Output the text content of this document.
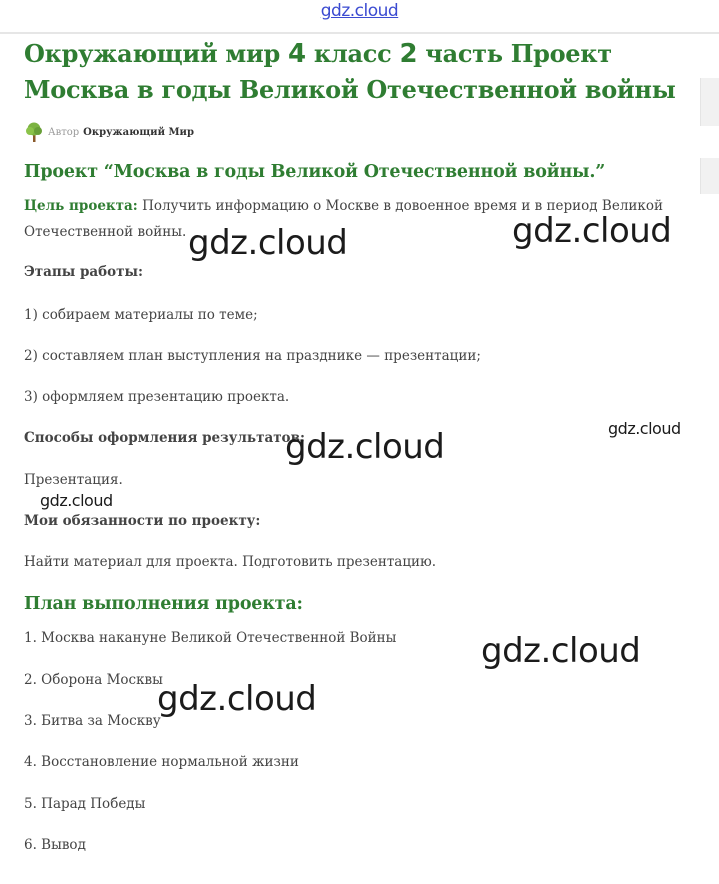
gdz.cloud
Окружающий мир 4 класс 2 часть Проект Москва в годы Великой Отечественной войны
Автор Окружающий Мир
Проект “Москва в годы Великой Отечественной войны.”

Цель проекта: Получить информацию о Москве в довоенное время и в период Великой Отечественной войны.

Этапы работы:

1) собираем материалы по теме;

2) составляем план выступления на празднике — презентации;

3) оформляем презентацию проекта.

Способы оформления результатов:

Презентация.

Мои обязанности по проекту:

Найти материал для проекта. Подготовить презентацию.

План выполнения проекта:

1. Москва накануне Великой Отечественной Войны

2. Оборона Москвы

3. Битва за Москву

4. Восстановление нормальной жизни

5. Парад Победы

6. Вывод

gdz.cloud	gdz.cloud
gdz.cloud
gdz.cloud
gdz.cloud
gdz.cloud
gdz.cloud
